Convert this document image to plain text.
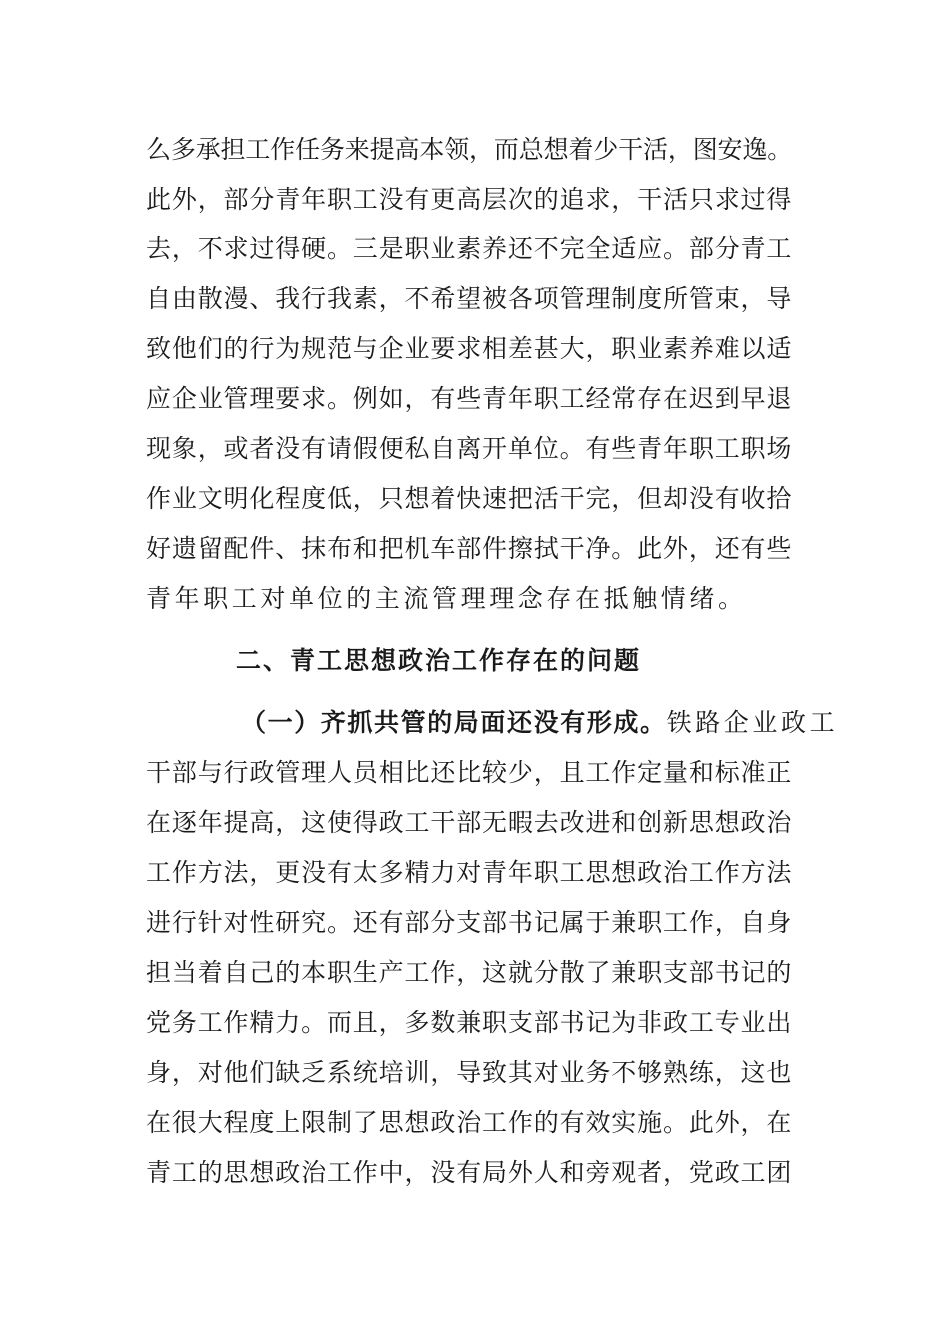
么多承担工作任务来提高本领，而总想着少干活，图安逸。
此外，部分青年职工没有更高层次的追求，干活只求过得
去，不求过得硬。三是职业素养还不完全适应。部分青工
自由散漫、我行我素，不希望被各项管理制度所管束，导
致他们的行为规范与企业要求相差甚大，职业素养难以适
应企业管理要求。例如，有些青年职工经常存在迟到早退
现象，或者没有请假便私自离开单位。有些青年职工职场
作业文明化程度低，只想着快速把活干完，但却没有收拾
好遗留配件、抹布和把机车部件擦拭干净。此外，还有些
青年职工对单位的主流管理理念存在抵触情绪。
二、青工思想政治工作存在的问题
（一）齐抓共管的局面还没有形成。铁路企业政工
干部与行政管理人员相比还比较少，且工作定量和标准正
在逐年提高，这使得政工干部无暇去改进和创新思想政治
工作方法，更没有太多精力对青年职工思想政治工作方法
进行针对性研究。还有部分支部书记属于兼职工作，自身
担当着自己的本职生产工作，这就分散了兼职支部书记的
党务工作精力。而且，多数兼职支部书记为非政工专业出
身，对他们缺乏系统培训，导致其对业务不够熟练，这也
在很大程度上限制了思想政治工作的有效实施。此外，在
青工的思想政治工作中，没有局外人和旁观者，党政工团
